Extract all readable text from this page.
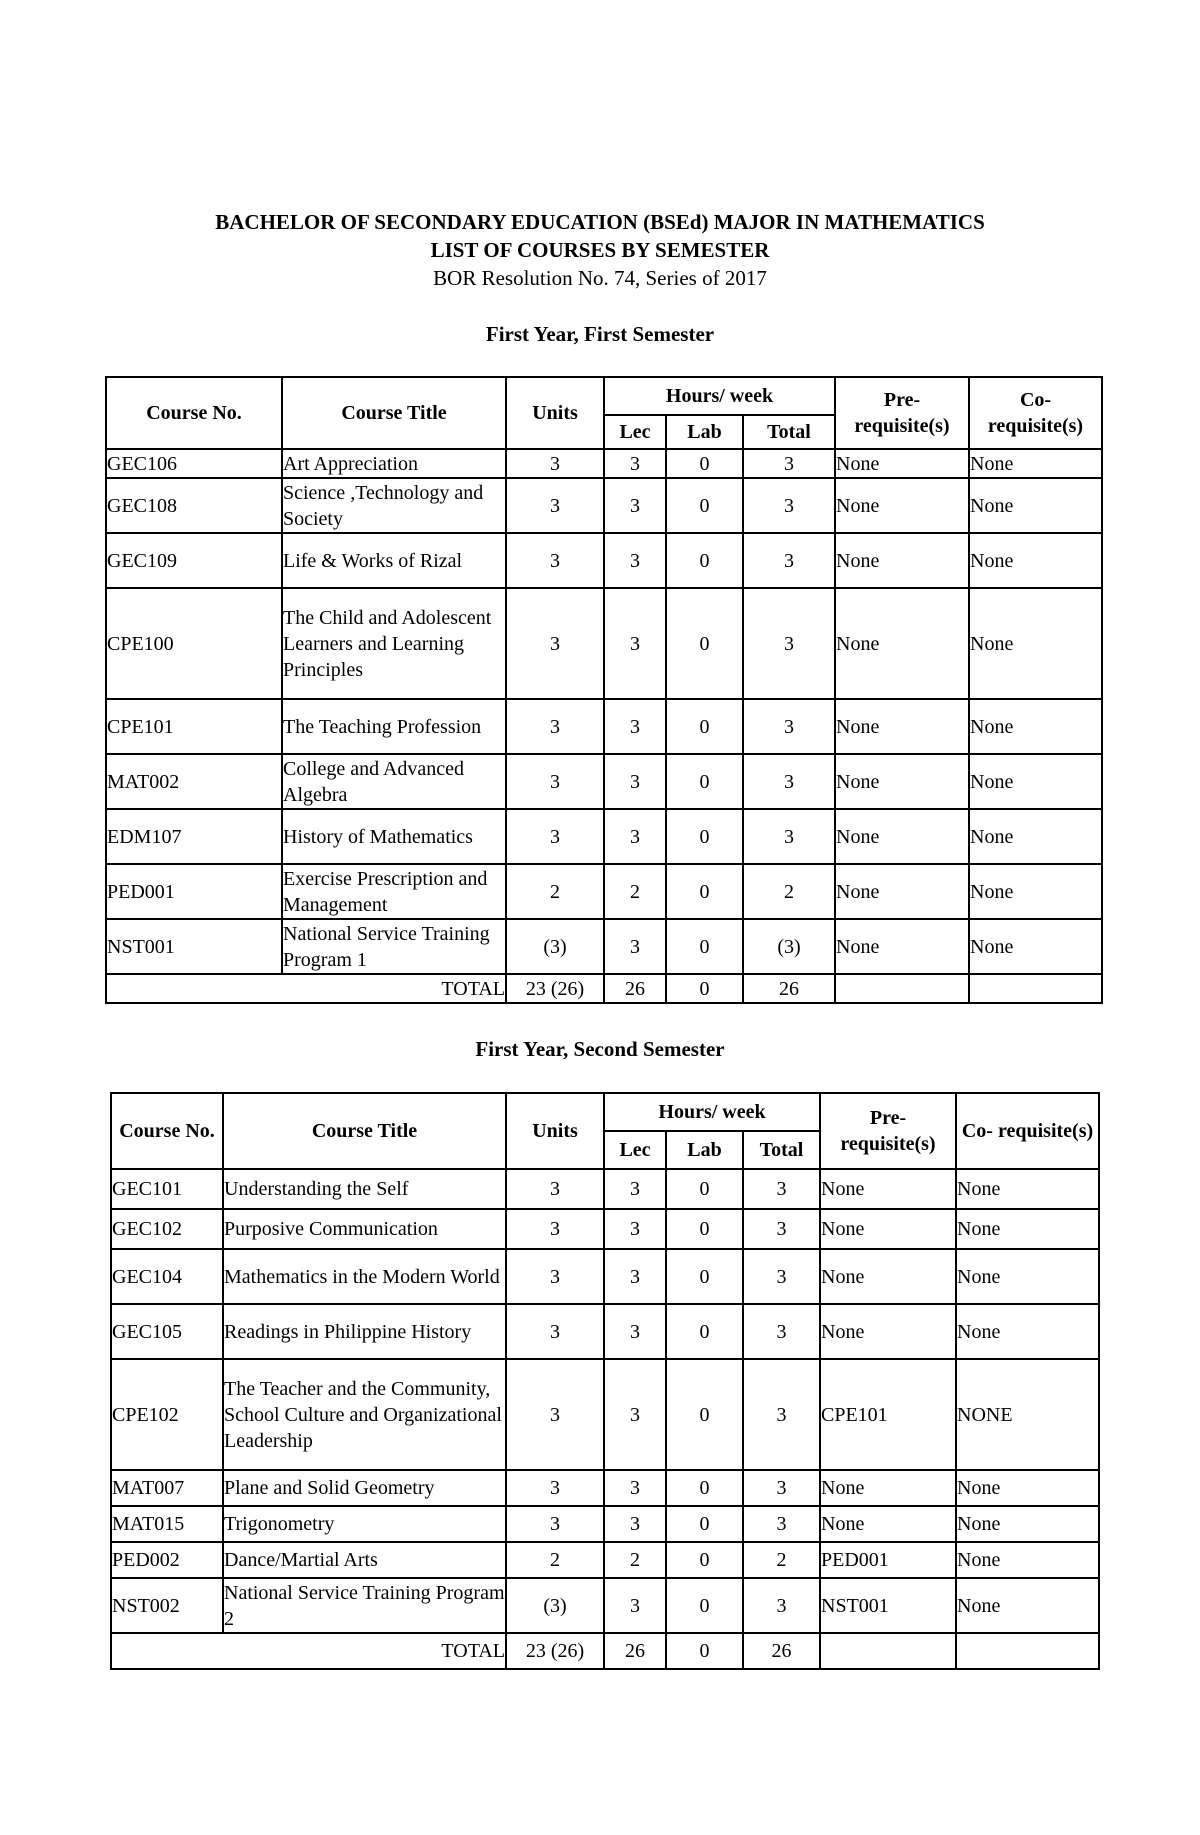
BACHELOR OF SECONDARY EDUCATION (BSEd) MAJOR IN MATHEMATICS
LIST OF COURSES BY SEMESTER
BOR Resolution No. 74, Series of 2017
First Year, First Semester
Course No.	Course Title	Units	Hours/ week			Pre- requisite(s)	Co- requisite(s)
			Lec	Lab	Total		
GEC106	Art Appreciation	3	3	0	3	None	None
GEC108	Science ,Technology and Society	3	3	0	3	None	None
GEC109	Life & Works of Rizal	3	3	0	3	None	None
CPE100	The Child and Adolescent Learners and Learning Principles	3	3	0	3	None	None
CPE101	The Teaching Profession	3	3	0	3	None	None
MAT002	College and Advanced Algebra	3	3	0	3	None	None
EDM107	History of Mathematics	3	3	0	3	None	None
PED001	Exercise Prescription and Management	2	2	0	2	None	None
NST001	National Service Training Program 1	(3)	3	0	(3)	None	None
TOTAL		23 (26)	26	0	26		
First Year, Second Semester
Course No.	Course Title	Units	Hours/ week			Pre- requisite(s)	Co- requisite(s)
			Lec	Lab	Total		
GEC101	Understanding the Self	3	3	0	3	None	None
GEC102	Purposive Communication	3	3	0	3	None	None
GEC104	Mathematics in the Modern World	3	3	0	3	None	None
GEC105	Readings in Philippine History	3	3	0	3	None	None
CPE102	The Teacher and the Community, School Culture and Organizational Leadership	3	3	0	3	CPE101	NONE
MAT007	Plane and Solid Geometry	3	3	0	3	None	None
MAT015	Trigonometry	3	3	0	3	None	None
PED002	Dance/Martial Arts	2	2	0	2	PED001	None
NST002	National Service Training Program 2	(3)	3	0	3	NST001	None
TOTAL		23 (26)	26	0	26		
